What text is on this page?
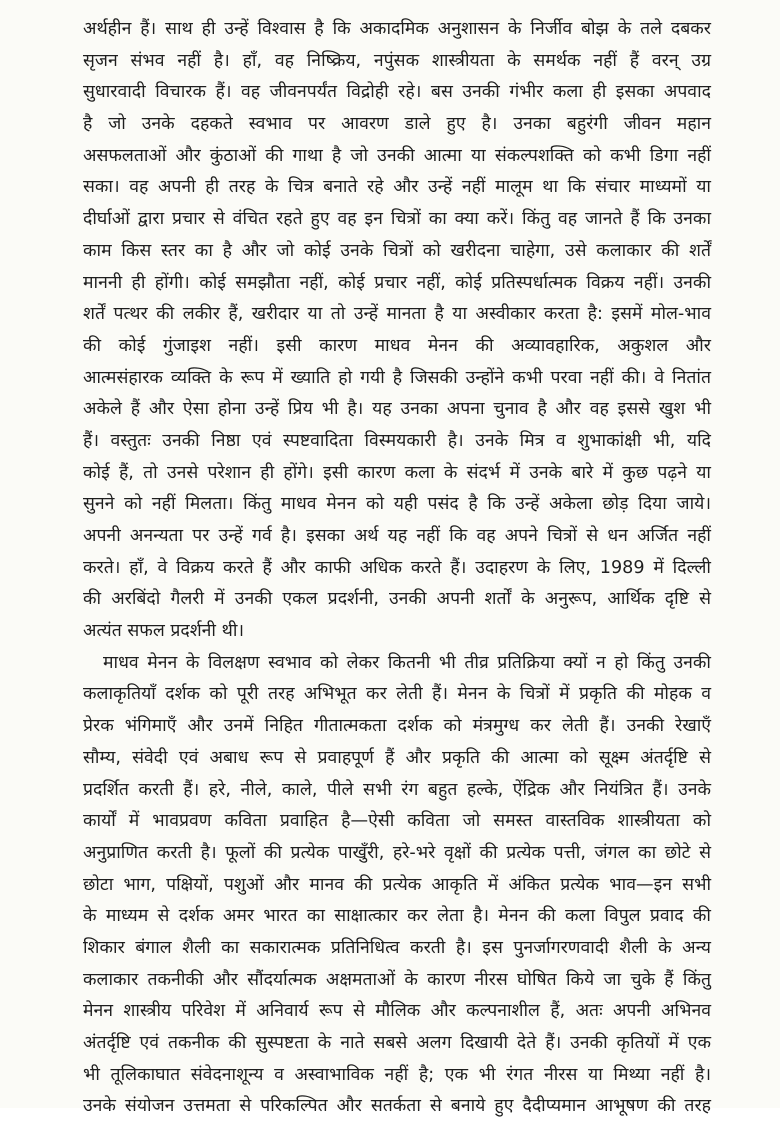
अर्थहीन हैं। साथ ही उन्हें विश्वास है कि अकादमिक अनुशासन के निर्जीव बोझ के तले दबकर
सृजन संभव नहीं है। हाँ, वह निष्क्रिय, नपुंसक शास्त्रीयता के समर्थक नहीं हैं वरन् उग्र
सुधारवादी विचारक हैं। वह जीवनपर्यंत विद्रोही रहे। बस उनकी गंभीर कला ही इसका अपवाद
है जो उनके दहकते स्वभाव पर आवरण डाले हुए है। उनका बहुरंगी जीवन महान
असफलताओं और कुंठाओं की गाथा है जो उनकी आत्मा या संकल्पशक्ति को कभी डिगा नहीं
सका। वह अपनी ही तरह के चित्र बनाते रहे और उन्हें नहीं मालूम था कि संचार माध्यमों या
दीर्घाओं द्वारा प्रचार से वंचित रहते हुए वह इन चित्रों का क्या करें। किंतु वह जानते हैं कि उनका
काम किस स्तर का है और जो कोई उनके चित्रों को खरीदना चाहेगा, उसे कलाकार की शर्तें
माननी ही होंगी। कोई समझौता नहीं, कोई प्रचार नहीं, कोई प्रतिस्पर्धात्मक विक्रय नहीं। उनकी
शर्तें पत्थर की लकीर हैं, खरीदार या तो उन्हें मानता है या अस्वीकार करता है: इसमें मोल-भाव
की कोई गुंजाइश नहीं। इसी कारण माधव मेनन की अव्यावहारिक, अकुशल और
आत्मसंहारक व्यक्ति के रूप में ख्याति हो गयी है जिसकी उन्होंने कभी परवा नहीं की। वे नितांत
अकेले हैं और ऐसा होना उन्हें प्रिय भी है। यह उनका अपना चुनाव है और वह इससे खुश भी
हैं। वस्तुतः उनकी निष्ठा एवं स्पष्टवादिता विस्मयकारी है। उनके मित्र व शुभाकांक्षी भी, यदि
कोई हैं, तो उनसे परेशान ही होंगे। इसी कारण कला के संदर्भ में उनके बारे में कुछ पढ़ने या
सुनने को नहीं मिलता। किंतु माधव मेनन को यही पसंद है कि उन्हें अकेला छोड़ दिया जाये।
अपनी अनन्यता पर उन्हें गर्व है। इसका अर्थ यह नहीं कि वह अपने चित्रों से धन अर्जित नहीं
करते। हाँ, वे विक्रय करते हैं और काफी अधिक करते हैं। उदाहरण के लिए, 1989 में दिल्ली
की अरबिंदो गैलरी में उनकी एकल प्रदर्शनी, उनकी अपनी शर्तों के अनुरूप, आर्थिक दृष्टि से
अत्यंत सफल प्रदर्शनी थी।
माधव मेनन के विलक्षण स्वभाव को लेकर कितनी भी तीव्र प्रतिक्रिया क्यों न हो किंतु उनकी
कलाकृतियाँ दर्शक को पूरी तरह अभिभूत कर लेती हैं। मेनन के चित्रों में प्रकृति की मोहक व
प्रेरक भंगिमाएँ और उनमें निहित गीतात्मकता दर्शक को मंत्रमुग्ध कर लेती हैं। उनकी रेखाएँ
सौम्य, संवेदी एवं अबाध रूप से प्रवाहपूर्ण हैं और प्रकृति की आत्मा को सूक्ष्म अंतर्दृष्टि से
प्रदर्शित करती हैं। हरे, नीले, काले, पीले सभी रंग बहुत हल्के, ऐंद्रिक और नियंत्रित हैं। उनके
कार्यों में भावप्रवण कविता प्रवाहित है—ऐसी कविता जो समस्त वास्तविक शास्त्रीयता को
अनुप्राणित करती है। फूलों की प्रत्येक पाखुँरी, हरे-भरे वृक्षों की प्रत्येक पत्ती, जंगल का छोटे से
छोटा भाग, पक्षियों, पशुओं और मानव की प्रत्येक आकृति में अंकित प्रत्येक भाव—इन सभी
के माध्यम से दर्शक अमर भारत का साक्षात्कार कर लेता है। मेनन की कला विपुल प्रवाद की
शिकार बंगाल शैली का सकारात्मक प्रतिनिधित्व करती है। इस पुनर्जागरणवादी शैली के अन्य
कलाकार तकनीकी और सौंदर्यात्मक अक्षमताओं के कारण नीरस घोषित किये जा चुके हैं किंतु
मेनन शास्त्रीय परिवेश में अनिवार्य रूप से मौलिक और कल्पनाशील हैं, अतः अपनी अभिनव
अंतर्दृष्टि एवं तकनीक की सुस्पष्टता के नाते सबसे अलग दिखायी देते हैं। उनकी कृतियों में एक
भी तूलिकाघात संवेदनाशून्य व अस्वाभाविक नहीं है; एक भी रंगत नीरस या मिथ्या नहीं है।
उनके संयोजन उत्तमता से परिकल्पित और सतर्कता से बनाये हुए दैदीप्यमान आभूषण की तरह
